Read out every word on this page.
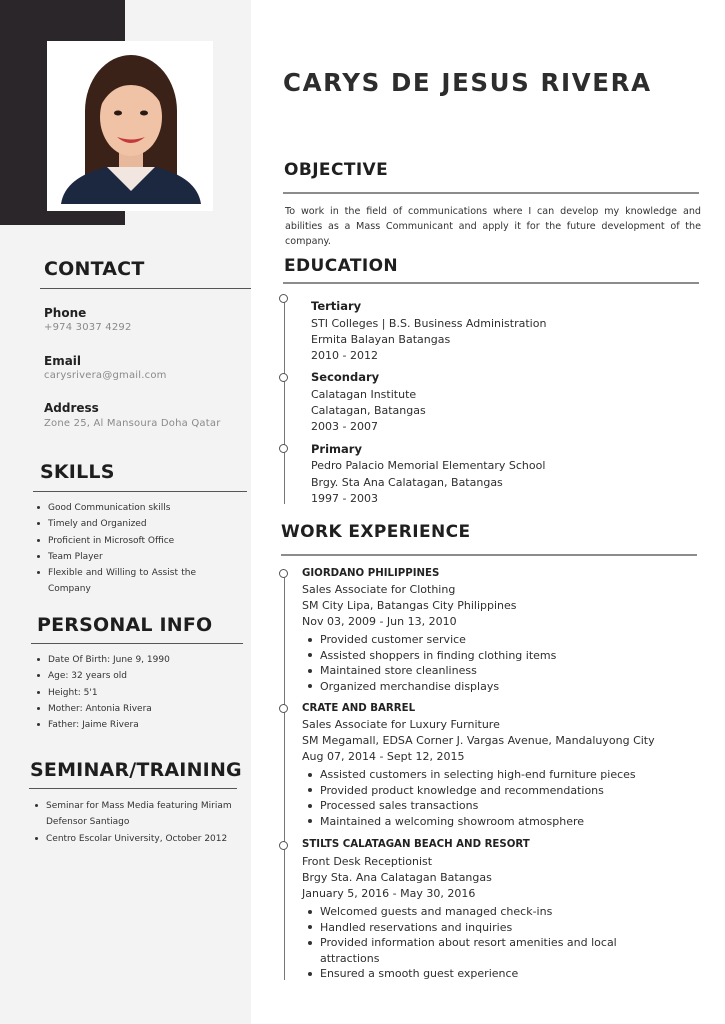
CONTACT
Phone
+974 3037 4292
Email
carysrivera@gmail.com
Address
Zone 25, Al Mansoura Doha Qatar
SKILLS
Good Communication skills
Timely and Organized
Proficient in Microsoft Office
Team Player
Flexible and Willing to Assist the Company
PERSONAL INFO
Date Of Birth: June 9, 1990
Age: 32 years old
Height: 5'1
Mother: Antonia Rivera
Father: Jaime Rivera
SEMINAR/TRAINING
Seminar for Mass Media featuring Miriam Defensor Santiago
Centro Escolar University, October 2012
CARYS DE JESUS RIVERA
OBJECTIVE

To work in the field of communications where I can develop my knowledge and abilities as a Mass Communicant and apply it for the future development of the company.

EDUCATION
Tertiary
STI Colleges | B.S. Business Administration
Ermita Balayan Batangas
2010 - 2012
Secondary
Calatagan Institute
Calatagan, Batangas
2003 - 2007
Primary
Pedro Palacio Memorial Elementary School
Brgy. Sta Ana Calatagan, Batangas
1997 - 2003
WORK EXPERIENCE
GIORDANO PHILIPPINES
Sales Associate for Clothing
SM City Lipa, Batangas City Philippines
Nov 03, 2009 - Jun 13, 2010
Provided customer service
Assisted shoppers in finding clothing items
Maintained store cleanliness
Organized merchandise displays
CRATE AND BARREL
Sales Associate for Luxury Furniture
SM Megamall, EDSA Corner J. Vargas Avenue, Mandaluyong City
Aug 07, 2014 - Sept 12, 2015
Assisted customers in selecting high-end furniture pieces
Provided product knowledge and recommendations
Processed sales transactions
Maintained a welcoming showroom atmosphere
STILTS CALATAGAN BEACH AND RESORT
Front Desk Receptionist
Brgy Sta. Ana Calatagan Batangas
January 5, 2016 - May 30, 2016
Welcomed guests and managed check-ins
Handled reservations and inquiries
Provided information about resort amenities and local attractions
Ensured a smooth guest experience
